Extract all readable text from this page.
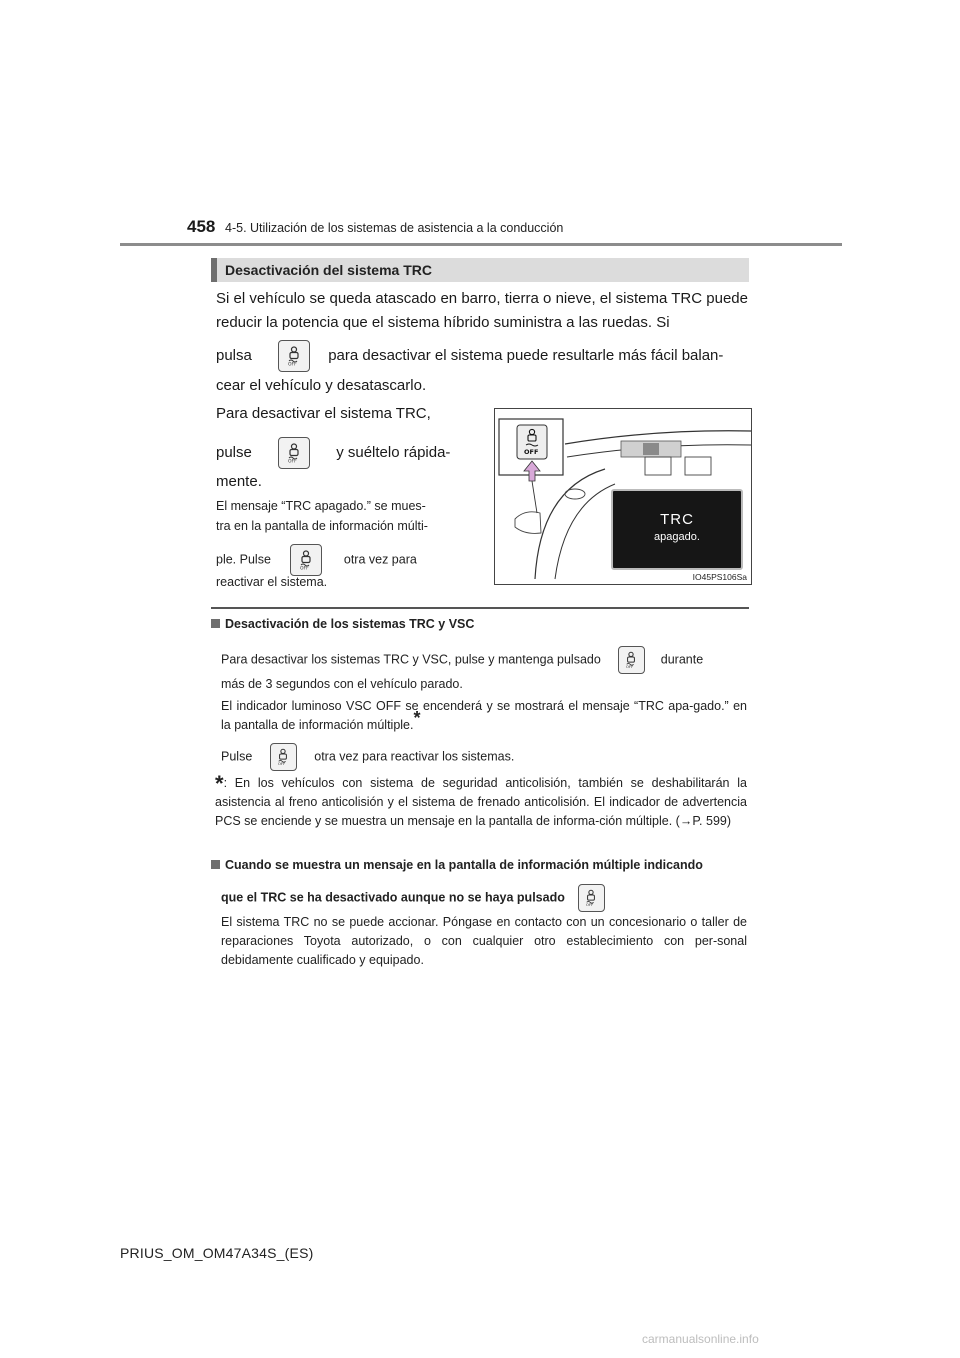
458 4-5. Utilización de los sistemas de asistencia a la conducción
Desactivación del sistema TRC
Si el vehículo se queda atascado en barro, tierra o nieve, el sistema TRC puede reducir la potencia que el sistema híbrido suministra a las ruedas. Si
pulsa
OFF
para desactivar el sistema puede resultarle más fácil balan-
cear el vehículo y desatascarlo.
Para desactivar el sistema TRC,
pulse
OFF
y suéltelo rápida-
mente.
El mensaje “TRC apagado.” se mues-
tra en la pantalla de información múlti-
ple. Pulse
OFF
otra vez para
reactivar el sistema.
OFF
TRC
apagado.
IO45PS106Sa
Desactivación de los sistemas TRC y VSC
Para desactivar los sistemas TRC y VSC, pulse y mantenga pulsado
OFF
durante
más de 3 segundos con el vehículo parado.
El indicador luminoso VSC OFF se encenderá y se mostrará el mensaje “TRC apa-gado.” en la pantalla de información múltiple.*
Pulse
OFF
otra vez para reactivar los sistemas.
*: En los vehículos con sistema de seguridad anticolisión, también se deshabilitarán la asistencia al freno anticolisión y el sistema de frenado anticolisión. El indicador de advertencia PCS se enciende y se muestra un mensaje en la pantalla de informa-ción múltiple. (→P. 599)
Cuando se muestra un mensaje en la pantalla de información múltiple indicando
que el TRC se ha desactivado aunque no se haya pulsado
OFF
El sistema TRC no se puede accionar. Póngase en contacto con un concesionario o taller de reparaciones Toyota autorizado, o con cualquier otro establecimiento con per-sonal debidamente cualificado y equipado.
PRIUS_OM_OM47A34S_(ES)
carmanualsonline.info
